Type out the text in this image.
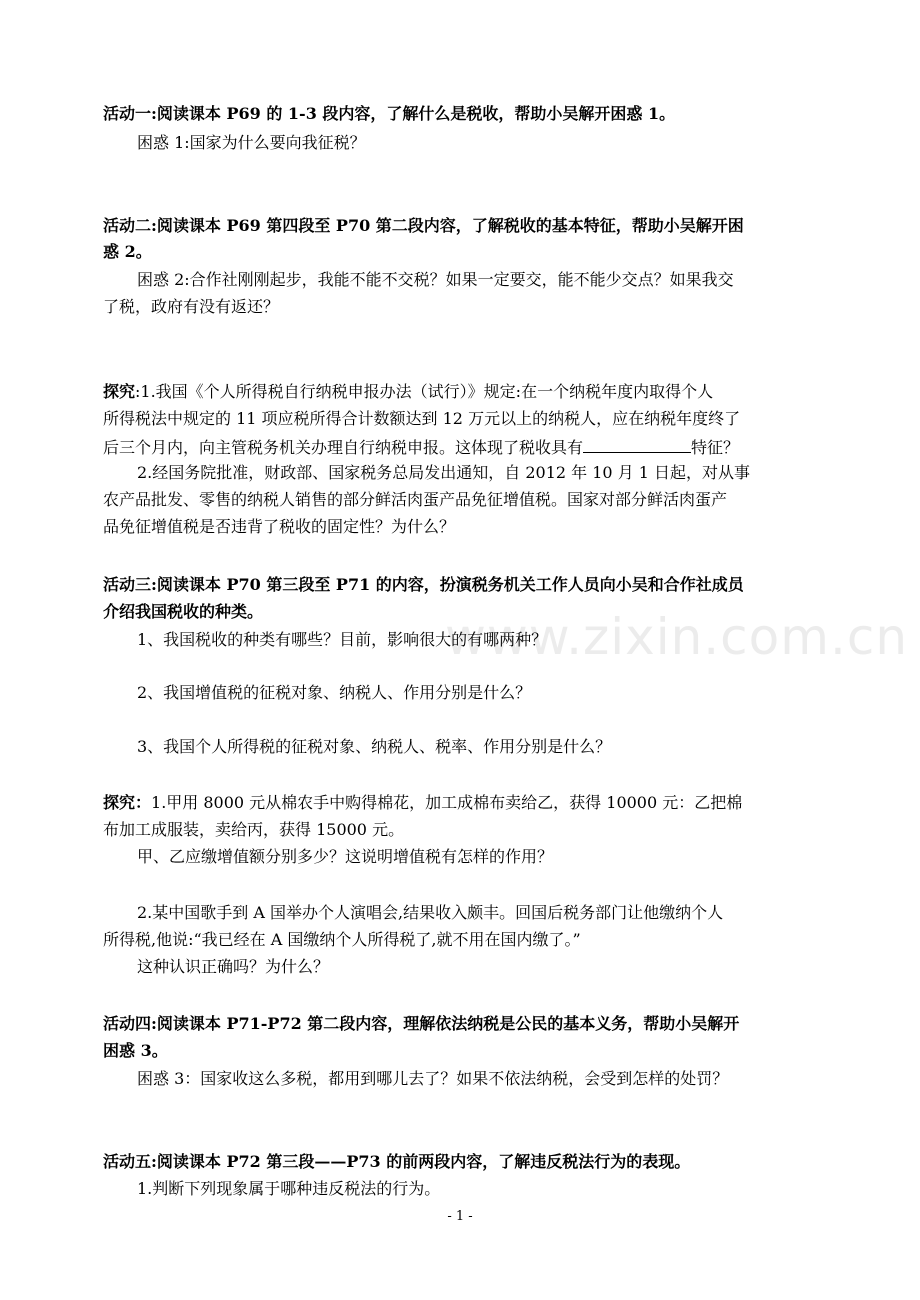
www.zixin.com.cn
活动一:阅读课本 P69 的 1-3 段内容，了解什么是税收，帮助小吴解开困惑 1。
困惑 1:国家为什么要向我征税？
活动二:阅读课本 P69 第四段至 P70 第二段内容，了解税收的基本特征，帮助小吴解开困
惑 2。
困惑 2:合作社刚刚起步，我能不能不交税？如果一定要交，能不能少交点？如果我交
了税，政府有没有返还？
探究:1.我国《个人所得税自行纳税申报办法（试行）》规定:在一个纳税年度内取得个人
所得税法中规定的 11 项应税所得合计数额达到 12 万元以上的纳税人，应在纳税年度终了
后三个月内，向主管税务机关办理自行纳税申报。这体现了税收具有	特征？
2.经国务院批准，财政部、国家税务总局发出通知，自 2012 年 10 月 1 日起，对从事
农产品批发、零售的纳税人销售的部分鲜活肉蛋产品免征增值税。国家对部分鲜活肉蛋产
品免征增值税是否违背了税收的固定性？为什么？
活动三:阅读课本 P70 第三段至 P71 的内容，扮演税务机关工作人员向小吴和合作社成员
介绍我国税收的种类。
1、我国税收的种类有哪些？目前，影响很大的有哪两种？
2、我国增值税的征税对象、纳税人、作用分别是什么？
3、我国个人所得税的征税对象、纳税人、税率、作用分别是什么？
探究：1.甲用 8000 元从棉农手中购得棉花，加工成棉布卖给乙，获得 10000 元：乙把棉
布加工成服装，卖给丙，获得 15000 元。
甲、乙应缴增值额分别多少？这说明增值税有怎样的作用？
2.某中国歌手到 A 国举办个人演唱会,结果收入颇丰。回国后税务部门让他缴纳个人
所得税,他说:“我已经在 A 国缴纳个人所得税了,就不用在国内缴了。”
这种认识正确吗？为什么？
活动四:阅读课本 P71-P72 第二段内容，理解依法纳税是公民的基本义务，帮助小吴解开
困惑 3。
困惑 3：国家收这么多税，都用到哪儿去了？如果不依法纳税，会受到怎样的处罚？
活动五:阅读课本 P72 第三段——P73 的前两段内容，了解违反税法行为的表现。
1.判断下列现象属于哪种违反税法的行为。
- 1 -
